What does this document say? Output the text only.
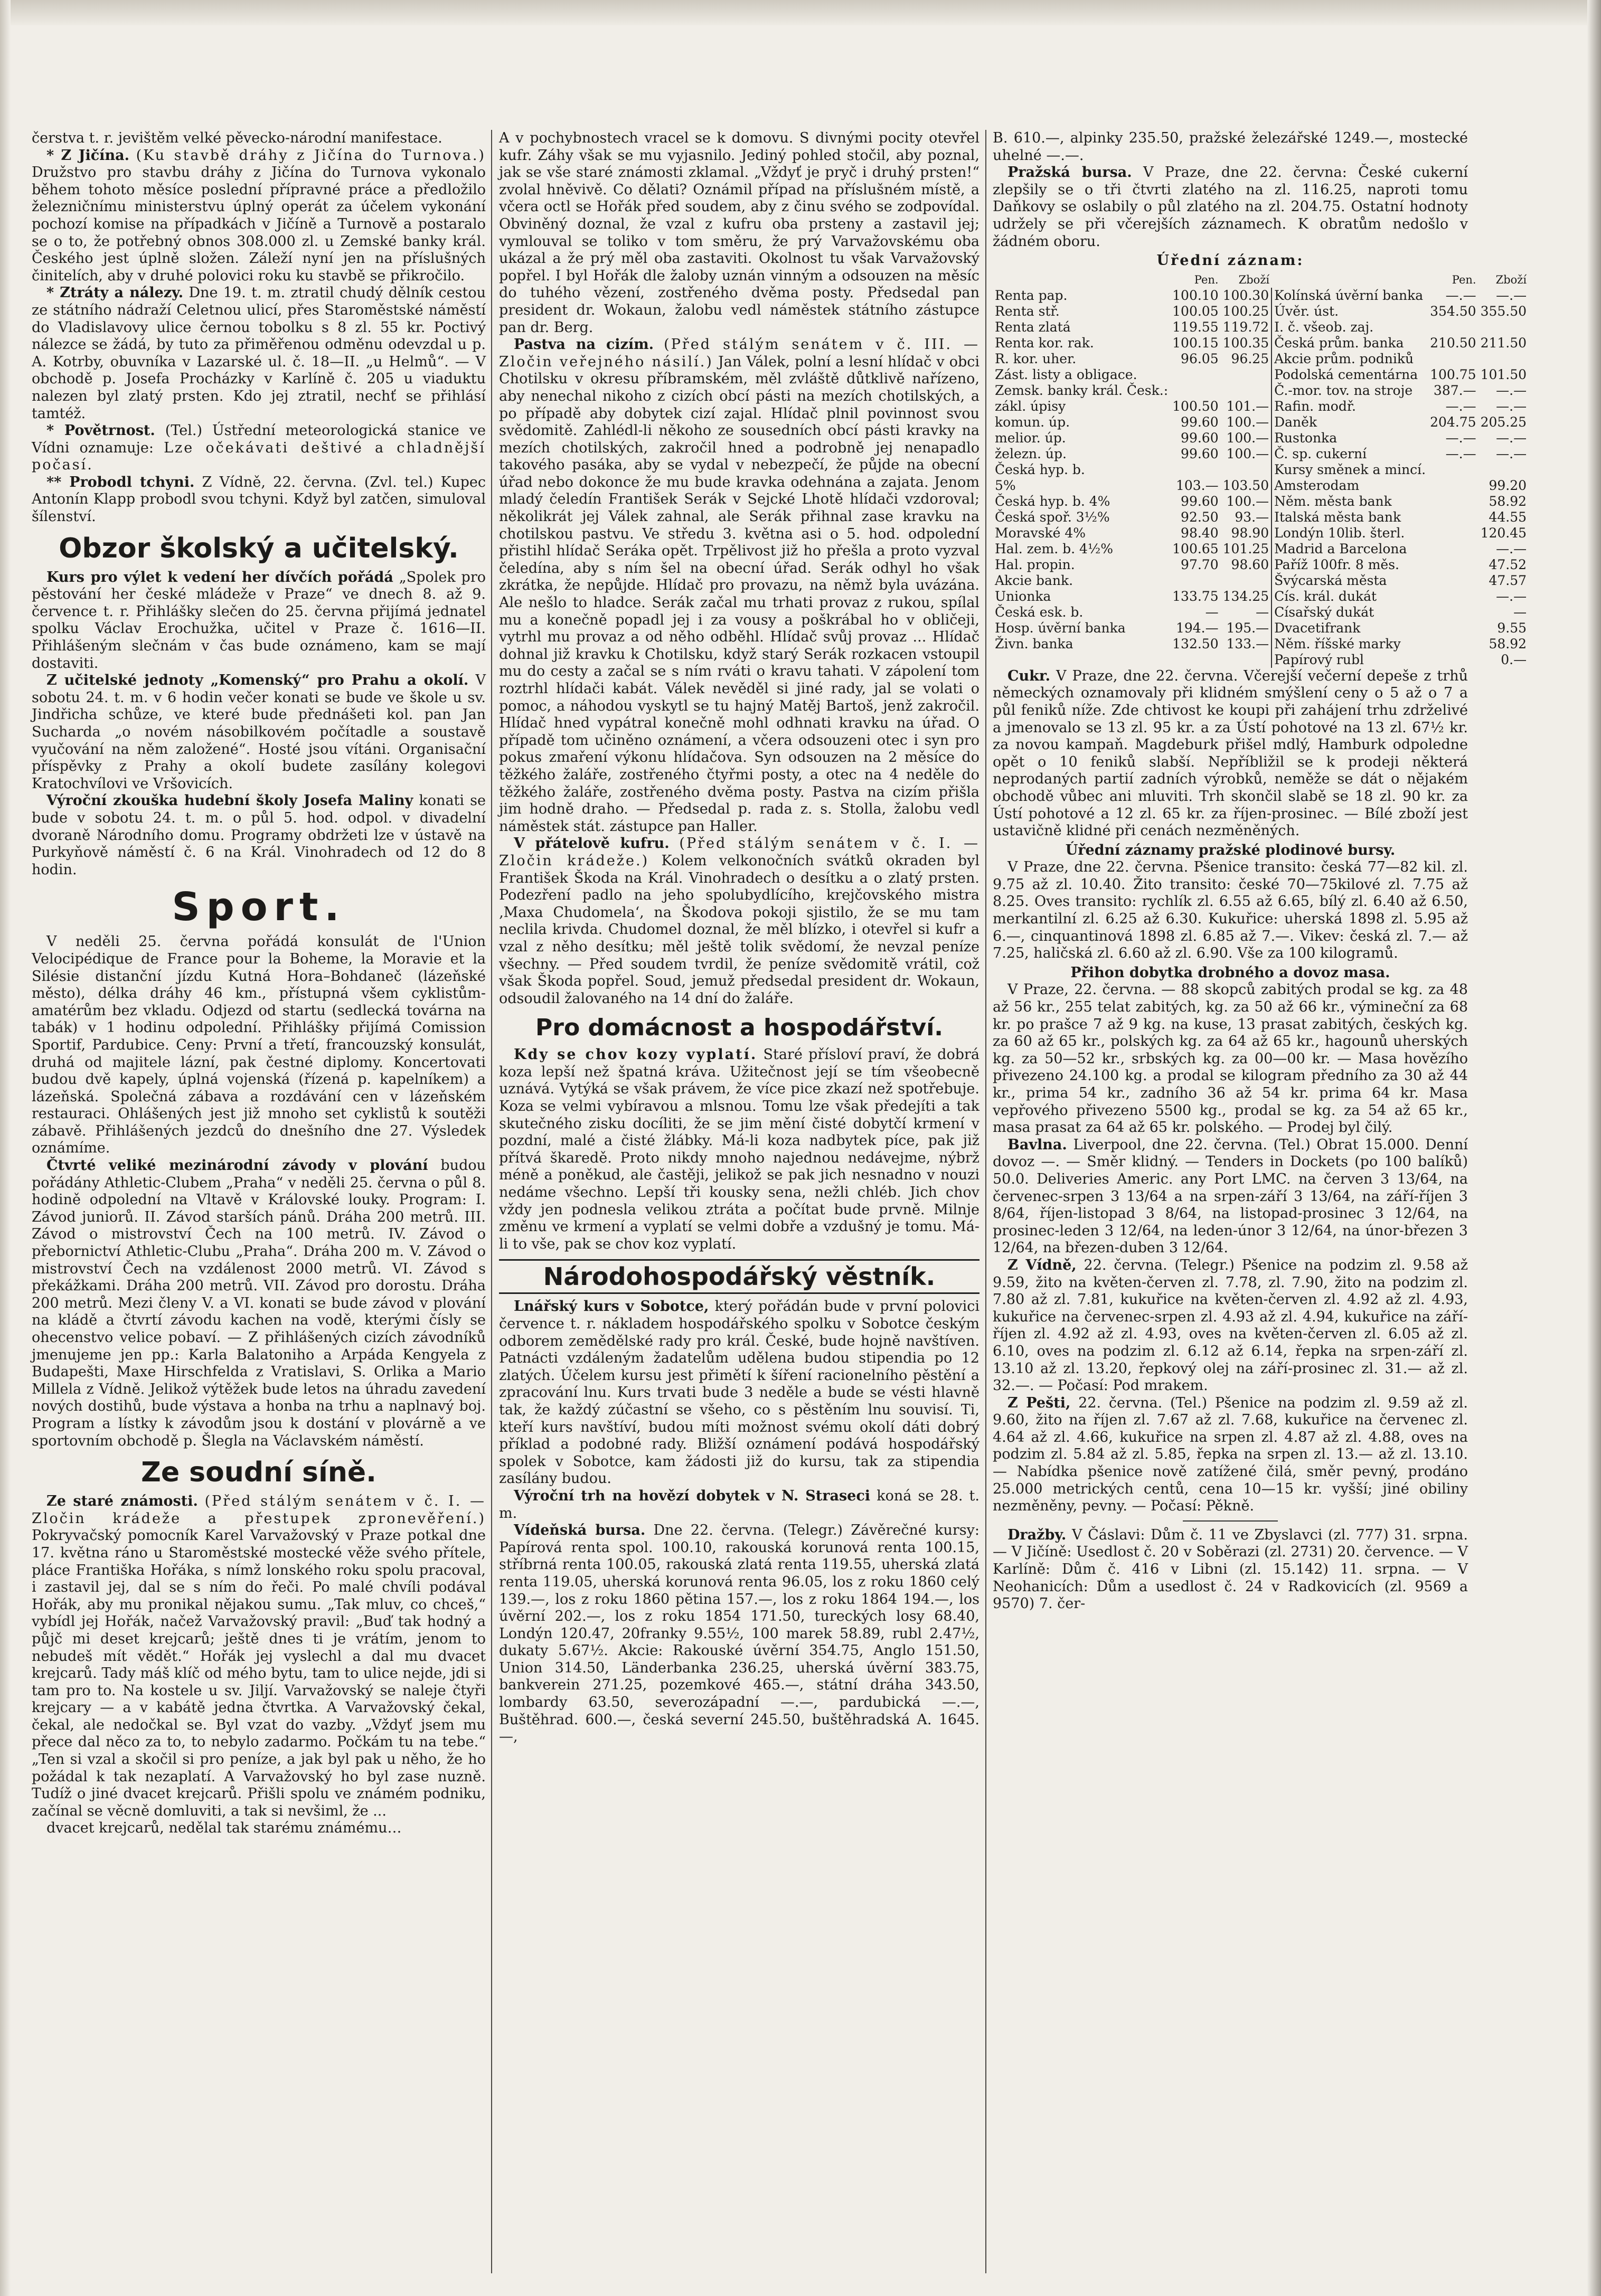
čerstva t. r. jevištěm velké pěvecko-národní manifestace.

* Z Jičína. (Ku stavbě dráhy z Jičína do Turnova.) Družstvo pro stavbu dráhy z Jičína do Turnova vykonalo během tohoto měsíce poslední přípravné práce a předložilo železničnímu ministerstvu úplný operát za účelem vykonání pochozí komise na případkách v Jičíně a Turnově a postaralo se o to, že potřebný obnos 308.000 zl. u Zemské banky král. Českého jest úplně složen. Záleží nyní jen na příslušných činitelích, aby v druhé polovici roku ku stavbě se přikročilo.

* Ztráty a nálezy. Dne 19. t. m. ztratil chudý dělník cestou ze státního nádraží Celetnou ulicí, přes Staroměstské náměstí do Vladislavovy ulice černou tobolku s 8 zl. 55 kr. Poctivý nálezce se žádá, by tuto za přiměřenou odměnu odevzdal u p. A. Kotrby, obuvníka v Lazarské ul. č. 18—II. „u Helmů“. — V obchodě p. Josefa Procházky v Karlíně č. 205 u viaduktu nalezen byl zlatý prsten. Kdo jej ztratil, nechť se přihlásí tamtéž.

* Povětrnost. (Tel.) Ústřední meteorologická stanice ve Vídni oznamuje: Lze očekávati deštivé a chladnější počasí.

** Probodl tchyni. Z Vídně, 22. června. (Zvl. tel.) Kupec Antonín Klapp probodl svou tchyni. Když byl zatčen, simuloval šílenství.

Obzor školský a učitelský.

Kurs pro výlet k vedení her dívčích pořádá „Spolek pro pěstování her české mládeže v Praze“ ve dnech 8. až 9. července t. r. Přihlášky slečen do 25. června přijímá jednatel spolku Václav Erochužka, učitel v Praze č. 1616—II. Přihlášeným slečnám v čas bude oznámeno, kam se mají dostaviti.

Z učitelské jednoty „Komenský“ pro Prahu a okolí. V sobotu 24. t. m. v 6 hodin večer konati se bude ve škole u sv. Jindřicha schůze, ve které bude přednášeti kol. pan Jan Sucharda „o novém násobilkovém počítadle a soustavě vyučování na něm založené“. Hosté jsou vítáni. Organisační příspěvky z Prahy a okolí budete zasílány kolegovi Kratochvílovi ve Vršovicích.

Výroční zkouška hudební školy Josefa Maliny konati se bude v sobotu 24. t. m. o půl 5. hod. odpol. v divadelní dvoraně Národního domu. Programy obdržeti lze v ústavě na Purkyňově náměstí č. 6 na Král. Vinohradech od 12 do 8 hodin.

Sport.

V neděli 25. června pořádá konsulát de l'Union Velocipédique de France pour la Boheme, la Moravie et la Silésie distanční jízdu Kutná Hora–Bohdaneč (lázeňské město), délka dráhy 46 km., přístupná všem cyklistům-amatérům bez vkladu. Odjezd od startu (sedlecká továrna na tabák) v 1 hodinu odpolední. Přihlášky přijímá Comission Sportif, Pardubice. Ceny: První a třetí, francouzský konsulát, druhá od majitele lázní, pak čestné diplomy. Koncertovati budou dvě kapely, úplná vojenská (řízená p. kapelníkem) a lázeňská. Společná zábava a rozdávání cen v lázeňském restauraci. Ohlášených jest již mnoho set cyklistů k soutěži zábavě. Přihlášených jezdců do dnešního dne 27. Výsledek oznámíme.

Čtvrté veliké mezinárodní závody v plování budou pořádány Athletic-Clubem „Praha“ v neděli 25. června o půl 8. hodině odpolední na Vltavě v Královské louky. Program: I. Závod juniorů. II. Závod starších pánů. Dráha 200 metrů. III. Závod o mistrovství Čech na 100 metrů. IV. Závod o přebornictví Athletic-Clubu „Praha“. Dráha 200 m. V. Závod o mistrovství Čech na vzdálenost 2000 metrů. VI. Závod s překážkami. Dráha 200 metrů. VII. Závod pro dorostu. Dráha 200 metrů. Mezi členy V. a VI. konati se bude závod v plování na kládě a čtvrtí závodu kachen na vodě, kterými čísly se ohecenstvo velice pobaví. — Z přihlášených cizích závodníků jmenujeme jen pp.: Karla Balatoniho a Arpáda Kengyela z Budapešti, Maxe Hirschfelda z Vratislavi, S. Orlika a Mario Millela z Vídně. Jelikož výtěžek bude letos na úhradu zavedení nových dostihů, bude výstava a honba na trhu a naplnavý boj. Program a lístky k závodům jsou k dostání v plovárně a ve sportovním obchodě p. Šlegla na Václavském náměstí.

Ze soudní síně.

Ze staré známosti. (Před stálým senátem v č. I. — Zločin krádeže a přestupek zpronevěření.) Pokryvačský pomocník Karel Varvažovský v Praze potkal dne 17. května ráno u Staroměstské mostecké věže svého přítele, pláce Františka Hořáka, s nímž lonského roku spolu pracoval, i zastavil jej, dal se s ním do řeči. Po malé chvíli podával Hořák, aby mu pronikal nějakou sumu. „Tak mluv, co chceš,“ vybídl jej Hořák, načež Varvažovský pravil: „Buď tak hodný a půjč mi deset krejcarů; ještě dnes ti je vrátím, jenom to nebudeš mít vědět.“ Hořák jej vyslechl a dal mu dvacet krejcarů. Tady máš klíč od mého bytu, tam to ulice nejde, jdi si tam pro to. Na kostele u sv. Jiljí. Varvažovský se naleje čtyři krejcary — a v kabátě jedna čtvrtka. A Varvažovský čekal, čekal, ale nedočkal se. Byl vzat do vazby. „Vždyť jsem mu přece dal něco za to, to nebylo zadarmo. Počkám tu na tebe.“ „Ten si vzal a skočil si pro peníze, a jak byl pak u něho, že ho požádal k tak nezaplatí. A Varvažovský ho byl zase nuzně. Tudíž o jiné dvacet krejcarů. Přišli spolu ve známém podniku, začínal se věcně domluviti, a tak si nevšiml, že ...

dvacet krejcarů, nedělal tak starému známému…

A v pochybnostech vracel se k domovu. S divnými pocity otevřel kufr. Záhy však se mu vyjasnilo. Jediný pohled stočil, aby poznal, jak se vše staré známosti zklamal. „Vždyť je pryč i druhý prsten!“ zvolal hněvivě. Co dělati? Oznámil případ na příslušném místě, a včera octl se Hořák před soudem, aby z činu svého se zodpovídal. Obviněný doznal, že vzal z kufru oba prsteny a zastavil jej; vymlouval se toliko v tom směru, že prý Varvažovskému oba ukázal a že prý měl oba zastaviti. Okolnost tu však Varvažovský popřel. I byl Hořák dle žaloby uznán vinným a odsouzen na měsíc do tuhého vězení, zostřeného dvěma posty. Předsedal pan president dr. Wokaun, žalobu vedl náměstek státního zástupce pan dr. Berg.

Pastva na cizím. (Před stálým senátem v č. III. — Zločin veřejného násilí.) Jan Válek, polní a lesní hlídač v obci Chotilsku v okresu příbramském, měl zvláště důtklivě nařízeno, aby nenechal nikoho z cizích obcí pásti na mezích chotilských, a po případě aby dobytek cizí zajal. Hlídač plnil povinnost svou svědomitě. Zahlédl-li někoho ze sousedních obcí pásti kravky na mezích chotilských, zakročil hned a podrobně jej nenapadlo takového pasáka, aby se vydal v nebezpečí, že půjde na obecní úřad nebo dokonce že mu bude kravka odehnána a zajata. Jenom mladý čeledín František Serák v Sejcké Lhotě hlídači vzdoroval; několikrát jej Válek zahnal, ale Serák přihnal zase kravku na chotilskou pastvu. Ve středu 3. května asi o 5. hod. odpolední přistihl hlídač Seráka opět. Trpělivost již ho přešla a proto vyzval čeledína, aby s ním šel na obecní úřad. Serák odhyl ho však zkrátka, že nepůjde. Hlídač pro provazu, na němž byla uvázána. Ale nešlo to hladce. Serák začal mu trhati provaz z rukou, spílal mu a konečně popadl jej i za vousy a poškrábal ho v obličeji, vytrhl mu provaz a od něho odběhl. Hlídač svůj provaz ... Hlídač dohnal již kravku k Chotilsku, když starý Serák rozkacen vstoupil mu do cesty a začal se s ním rváti o kravu tahati. V zápolení tom roztrhl hlídači kabát. Válek nevěděl si jiné rady, jal se volati o pomoc, a náhodou vyskytl se tu hajný Matěj Bartoš, jenž zakročil. Hlídač hned vypátral konečně mohl odhnati kravku na úřad. O případě tom učiněno oznámení, a včera odsouzeni otec i syn pro pokus zmaření výkonu hlídačova. Syn odsouzen na 2 měsíce do těžkého žaláře, zostřeného čtyřmi posty, a otec na 4 neděle do těžkého žaláře, zostřeného dvěma posty. Pastva na cizím přišla jim hodně draho. — Předsedal p. rada z. s. Stolla, žalobu vedl náměstek stát. zástupce pan Haller.

V přátelově kufru. (Před stálým senátem v č. I. — Zločin krádeže.) Kolem velkonočních svátků okraden byl František Škoda na Král. Vinohradech o desítku a o zlatý prsten. Podezření padlo na jeho spolubydlícího, krejčovského mistra ‚Maxa Chudomela‘, na Škodova pokoji sjistilo, že se mu tam neclila krivda. Chudomel doznal, že měl blízko, i otevřel si kufr a vzal z něho desítku; měl ještě tolik svědomí, že nevzal peníze všechny. — Před soudem tvrdil, že peníze svědomitě vrátil, což však Škoda popřel. Soud, jemuž předsedal president dr. Wokaun, odsoudil žalovaného na 14 dní do žaláře.

Pro domácnost a hospodářství.

Kdy se chov kozy vyplatí. Staré přísloví praví, že dobrá koza lepší než špatná kráva. Užitečnost její se tím všeobecně uznává. Vytýká se však právem, že více pice zkazí než spotřebuje. Koza se velmi vybíravou a mlsnou. Tomu lze však předejíti a tak skutečného zisku docíliti, že se jim mění čisté dobytčí krmení v pozdní, malé a čisté žlábky. Má-li koza nadbytek píce, pak již přítvá škaredě. Proto nikdy mnoho najednou nedávejme, nýbrž méně a poněkud, ale častěji, jelikož se pak jich nesnadno v nouzi nedáme všechno. Lepší tři kousky sena, nežli chléb. Jich chov vždy jen podnesla velikou ztráta a počítat bude prvně. Milnje změnu ve krmení a vyplatí se velmi dobře a vzdušný je tomu. Má-li to vše, pak se chov koz vyplatí.

Národohospodářský věstník.

Lnářský kurs v Sobotce, který pořádán bude v první polovici července t. r. nákladem hospodářského spolku v Sobotce českým odborem zemědělské rady pro král. České, bude hojně navštíven. Patnácti vzdáleným žadatelům udělena budou stipendia po 12 zlatých. Účelem kursu jest přimětí k šíření racionelního pěstění a zpracování lnu. Kurs trvati bude 3 neděle a bude se vésti hlavně tak, že každý zúčastní se všeho, co s pěstěním lnu souvisí. Ti, kteří kurs navštíví, budou míti možnost svému okolí dáti dobrý příklad a podobné rady. Bližší oznámení podává hospodářský spolek v Sobotce, kam žádosti již do kursu, tak za stipendia zasílány budou.

Výroční trh na hovězí dobytek v N. Straseci koná se 28. t. m.

Vídeňská bursa. Dne 22. června. (Telegr.) Závěrečné kursy: Papírová renta spol. 100.10, rakouská korunová renta 100.15, stříbrná renta 100.05, rakouská zlatá renta 119.55, uherská zlatá renta 119.05, uherská korunová renta 96.05, los z roku 1860 celý 139.—, los z roku 1860 pětina 157.—, los z roku 1864 194.—, los úvěrní 202.—, los z roku 1854 171.50, tureckých losy 68.40, Londýn 120.47, 20franky 9.55½, 100 marek 58.89, rubl 2.47½, dukaty 5.67½. Akcie: Rakouské úvěrní 354.75, Anglo 151.50, Union 314.50, Länderbanka 236.25, uherská úvěrní 383.75, bankverein 271.25, pozemkové 465.—, státní dráha 343.50, lombardy 63.50, severozápadní —.—, pardubická —.—, Buštěhrad. 600.—, česká severní 245.50, buštěhradská A. 1645.—,

B. 610.—, alpinky 235.50, pražské železářské 1249.—, mostecké uhelné —.—.

Pražská bursa. V Praze, dne 22. června: České cukerní zlepšily se o tři čtvrti zlatého na zl. 116.25, naproti tomu Daňkovy se oslabily o půl zlatého na zl. 204.75. Ostatní hodnoty udržely se při včerejších záznamech. K obratům nedošlo v žádném oboru.

Úřední záznam:
	Pen.	Zboží		Pen.	Zboží
Renta pap.	100.10	100.30	Kolínská úvěrní banka	—.—	—.—
Renta stř.	100.05	100.25	Úvěr. úst.	354.50	355.50
Renta zlatá	119.55	119.72	I. č. všeob. zaj.		
Renta kor. rak.	100.15	100.35	Česká prům. banka	210.50	211.50
R. kor. uher.	96.05	96.25	Akcie prům. podniků		
Zást. listy a obligace.			Podolská cementárna	100.75	101.50
Zemsk. banky král. Česk.:			Č.-mor. tov. na stroje	387.—	—.—
zákl. úpisy	100.50	101.—	Rafin. modř.	—.—	—.—
komun. úp.	99.60	100.—	Daněk	204.75	205.25
melior. úp.	99.60	100.—	Rustonka	—.—	—.—
železn. úp.	99.60	100.—	Č. sp. cukerní	—.—	—.—
Česká hyp. b.			Kursy směnek a mincí.		
5%	103.—	103.50	Amsterodam		99.20
Česká hyp. b. 4%	99.60	100.—	Něm. města bank		58.92
Česká spoř. 3½%	92.50	93.—	Italská města bank		44.55
Moravské 4%	98.40	98.90	Londýn 10lib. šterl.		120.45
Hal. zem. b. 4½%	100.65	101.25	Madrid a Barcelona		—.—
Hal. propin.	97.70	98.60	Paříž 100fr. 8 měs.		47.52
Akcie bank.			Švýcarská města		47.57
Unionka	133.75	134.25	Cís. král. dukát		—.—
Česká esk. b.	—	—	Císařský dukát		—
Hosp. úvěrní banka	194.—	195.—	Dvacetifrank		9.55
Živn. banka	132.50	133.—	Něm. říšské marky		58.92
			Papírový rubl		0.—

Cukr. V Praze, dne 22. června. Včerejší večerní depeše z trhů německých oznamovaly při klidném smýšlení ceny o 5 až o 7 a půl feniků níže. Zde chtivost ke koupi při zahájení trhu zdrželivé a jmenovalo se 13 zl. 95 kr. a za Ústí pohotové na 13 zl. 67½ kr. za novou kampaň. Magdeburk přišel mdlý, Hamburk odpoledne opět o 10 feniků slabší. Nepříbližil se k prodeji některá neprodaných partií zadních výrobků, neměže se dát o nějakém obchodě vůbec ani mluviti. Trh skončil slabě se 18 zl. 90 kr. za Ústí pohotové a 12 zl. 65 kr. za říjen-prosinec. — Bílé zboží jest ustavičně klidné při cenách nezměněných.

Úřední záznamy pražské plodinové bursy.

V Praze, dne 22. června. Pšenice transito: česká 77—82 kil. zl. 9.75 až zl. 10.40. Žito transito: české 70—75kilové zl. 7.75 až 8.25. Oves transito: rychlík zl. 6.55 až 6.65, bílý zl. 6.40 až 6.50, merkantilní zl. 6.25 až 6.30. Kukuřice: uherská 1898 zl. 5.95 až 6.—, cinquantinová 1898 zl. 6.85 až 7.—. Vikev: česká zl. 7.— až 7.25, haličská zl. 6.60 až zl. 6.90. Vše za 100 kilogramů.

Přihon dobytka drobného a dovoz masa.

V Praze, 22. června. — 88 skopců zabitých prodal se kg. za 48 až 56 kr., 255 telat zabitých, kg. za 50 až 66 kr., výmineční za 68 kr. po prašce 7 až 9 kg. na kuse, 13 prasat zabitých, českých kg. za 60 až 65 kr., polských kg. za 64 až 65 kr., hagounů uherských kg. za 50—52 kr., srbských kg. za 00—00 kr. — Masa hovězího přivezeno 24.100 kg. a prodal se kilogram předního za 30 až 44 kr., prima 54 kr., zadního 36 až 54 kr. prima 64 kr. Masa vepřového přivezeno 5500 kg., prodal se kg. za 54 až 65 kr., masa prasat za 64 až 65 kr. polského. — Prodej byl čilý.

Bavlna. Liverpool, dne 22. června. (Tel.) Obrat 15.000. Denní dovoz —. — Směr klidný. — Tenders in Dockets (po 100 balíků) 50.0. Deliveries Americ. any Port LMC. na červen 3 13/64, na červenec-srpen 3 13/64 a na srpen-září 3 13/64, na září-říjen 3 8/64, říjen-listopad 3 8/64, na listopad-prosinec 3 12/64, na prosinec-leden 3 12/64, na leden-únor 3 12/64, na únor-březen 3 12/64, na březen-duben 3 12/64.

Z Vídně, 22. června. (Telegr.) Pšenice na podzim zl. 9.58 až 9.59, žito na květen-červen zl. 7.78, zl. 7.90, žito na podzim zl. 7.80 až zl. 7.81, kukuřice na květen-červen zl. 4.92 až zl. 4.93, kukuřice na červenec-srpen zl. 4.93 až zl. 4.94, kukuřice na září-říjen zl. 4.92 až zl. 4.93, oves na květen-červen zl. 6.05 až zl. 6.10, oves na podzim zl. 6.12 až 6.14, řepka na srpen-září zl. 13.10 až zl. 13.20, řepkový olej na září-prosinec zl. 31.— až zl. 32.—. — Počasí: Pod mrakem.

Z Pešti, 22. června. (Tel.) Pšenice na podzim zl. 9.59 až zl. 9.60, žito na říjen zl. 7.67 až zl. 7.68, kukuřice na červenec zl. 4.64 až zl. 4.66, kukuřice na srpen zl. 4.87 až zl. 4.88, oves na podzim zl. 5.84 až zl. 5.85, řepka na srpen zl. 13.— až zl. 13.10. — Nabídka pšenice nově zatížené čilá, směr pevný, prodáno 25.000 metrických centů, cena 10—15 kr. vyšší; jiné obiliny nezměněny, pevny. — Počasí: Pěkně.

Dražby. V Čáslavi: Dům č. 11 ve Zbyslavci (zl. 777) 31. srpna. — V Jičíně: Usedlost č. 20 v Soběrazi (zl. 2731) 20. července. — V Karlíně: Dům č. 416 v Libni (zl. 15.142) 11. srpna. — V Neohanicích: Dům a usedlost č. 24 v Radkovicích (zl. 9569 a 9570) 7. čer-
